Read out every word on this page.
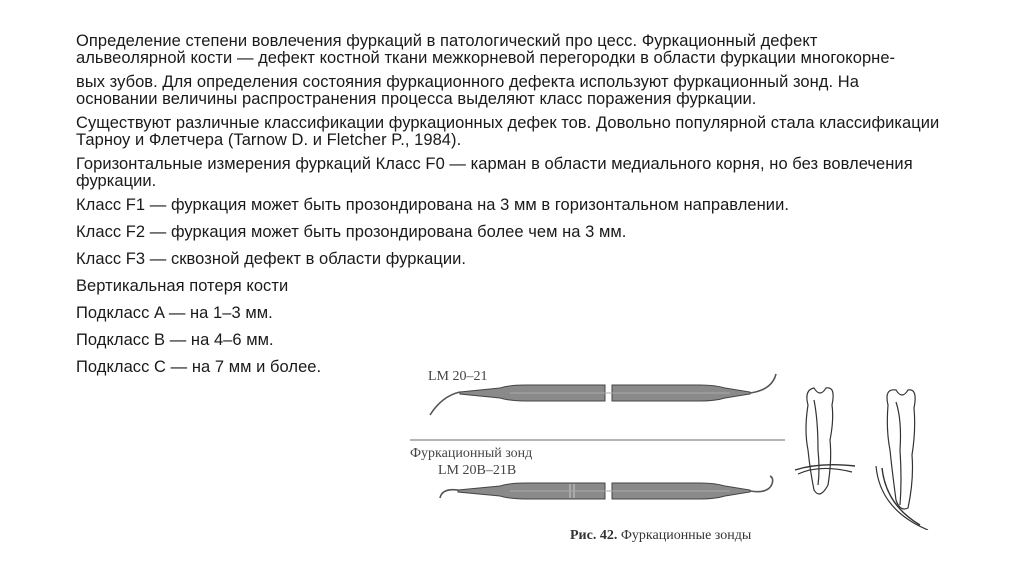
Определение степени вовлечения фуркаций в патологический про цесс. Фуркационный дефект альвеолярной кости — дефект костной ткани межкорневой перегородки в области фуркации многокорне-

вых зубов. Для определения состояния фуркационного дефекта используют фуркационный зонд. На основании величины распространения процесса выделяют класс поражения фуркации.

Существуют различные классификации фуркационных дефек тов. Довольно популярной стала классификации Тарноу и Флетчера (Tarnow D. и Fletcher P., 1984).

Горизонтальные измерения фуркаций Класс F0 — карман в области медиального корня, но без вовлечения фуркации.

Класс F1 — фуркация может быть прозондирована на 3 мм в горизонтальном направлении.

Класс F2 — фуркация может быть прозондирована более чем на 3 мм.

Класс F3 — сквозной дефект в области фуркации.

Вертикальная потеря кости

Подкласс A — на 1–3 мм.

Подкласс B — на 4–6 мм.

Подкласс C — на 7 мм и более.

LM 20–21
Фуркационный зонд
LM 20B–21B
Рис. 42. Фуркационные зонды
